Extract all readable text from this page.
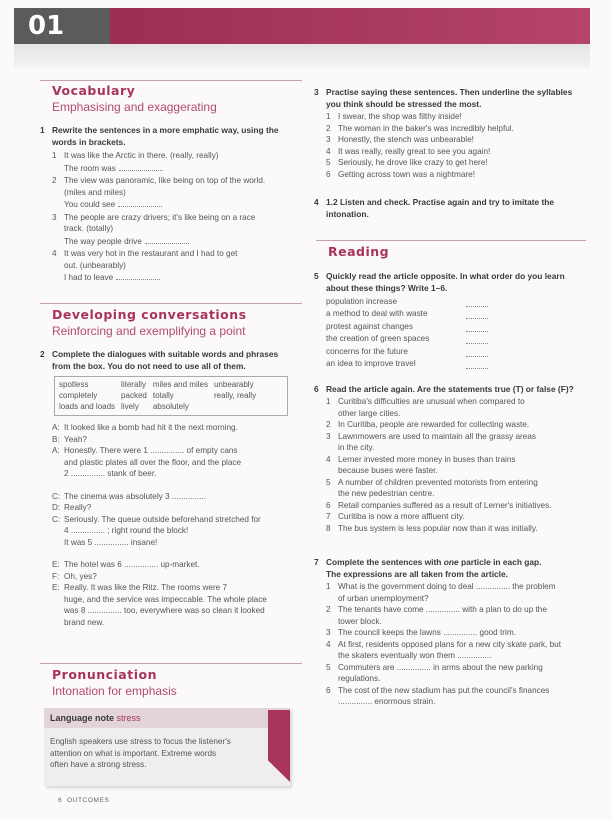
01
Vocabulary
Emphasising and exaggerating
1 Rewrite the sentences in a more emphatic way, using the words in brackets.
1 It was like the Arctic in there. (really, really)
The room was
2 The view was panoramic, like being on top of the world.
(miles and miles)
You could see
3 The people are crazy drivers; it's like being on a race
track. (totally)
The way people drive
4 It was very hot in the restaurant and I had to get
out. (unbearably)
I had to leave
Developing conversations
Reinforcing and exemplifying a point
2 Complete the dialogues with suitable words and phrases from the box. You do not need to use all of them.
spotless	literally	miles and miles	unbearably
completely	packed	totally	really, really
loads and loads	lively	absolutely	
A: It looked like a bomb had hit it the next morning.
B: Yeah?
A: Honestly. There were 1 ............... of empty cans
and plastic plates all over the floor, and the place
2 ............... stank of beer.
C: The cinema was absolutely 3 ...............
D: Really?
C: Seriously. The queue outside beforehand stretched for
4 ............... ; right round the block!
It was 5 ............... insane!
E: The hotel was 6 ............... up-market.
F: Oh, yes?
E: Really. It was like the Ritz. The rooms were 7
huge, and the service was impeccable. The whole place
was 8 ............... too, everywhere was so clean it looked
brand new.
Pronunciation
Intonation for emphasis
Language note stress
English speakers use stress to focus the listener's
attention on what is important. Extreme words
often have a strong stress.
6 OUTCOMES
3 Practise saying these sentences. Then underline the syllables you think should be stressed the most.
1 I swear, the shop was filthy inside!
2 The woman in the baker's was incredibly helpful.
3 Honestly, the stench was unbearable!
4 It was really, really great to see you again!
5 Seriously, he drove like crazy to get here!
6 Getting across town was a nightmare!
4 1.2 Listen and check. Practise again and try to imitate the intonation.
Reading
5 Quickly read the article opposite. In what order do you learn about these things? Write 1–6.
population increase
a method to deal with waste
protest against changes
the creation of green spaces
concerns for the future
an idea to improve travel
6 Read the article again. Are the statements true (T) or false (F)?
1 Curitiba's difficulties are unusual when compared to
other large cities.
2 In Curitiba, people are rewarded for collecting waste.
3 Lawnmowers are used to maintain all the grassy areas
in the city.
4 Lerner invested more money in buses than trains
because buses were faster.
5 A number of children prevented motorists from entering
the new pedestrian centre.
6 Retail companies suffered as a result of Lerner's initiatives.
7 Curitiba is now a more affluent city.
8 The bus system is less popular now than it was initially.
7 Complete the sentences with one particle in each gap.
The expressions are all taken from the article.
1 What is the government doing to deal ............... the problem
of urban unemployment?
2 The tenants have come ............... with a plan to do up the
tower block.
3 The council keeps the lawns ............... good trim.
4 At first, residents opposed plans for a new city skate park, but
the skaters eventually won them ...............
5 Commuters are ............... in arms about the new parking
regulations.
6 The cost of the new stadium has put the council's finances
............... enormous strain.
